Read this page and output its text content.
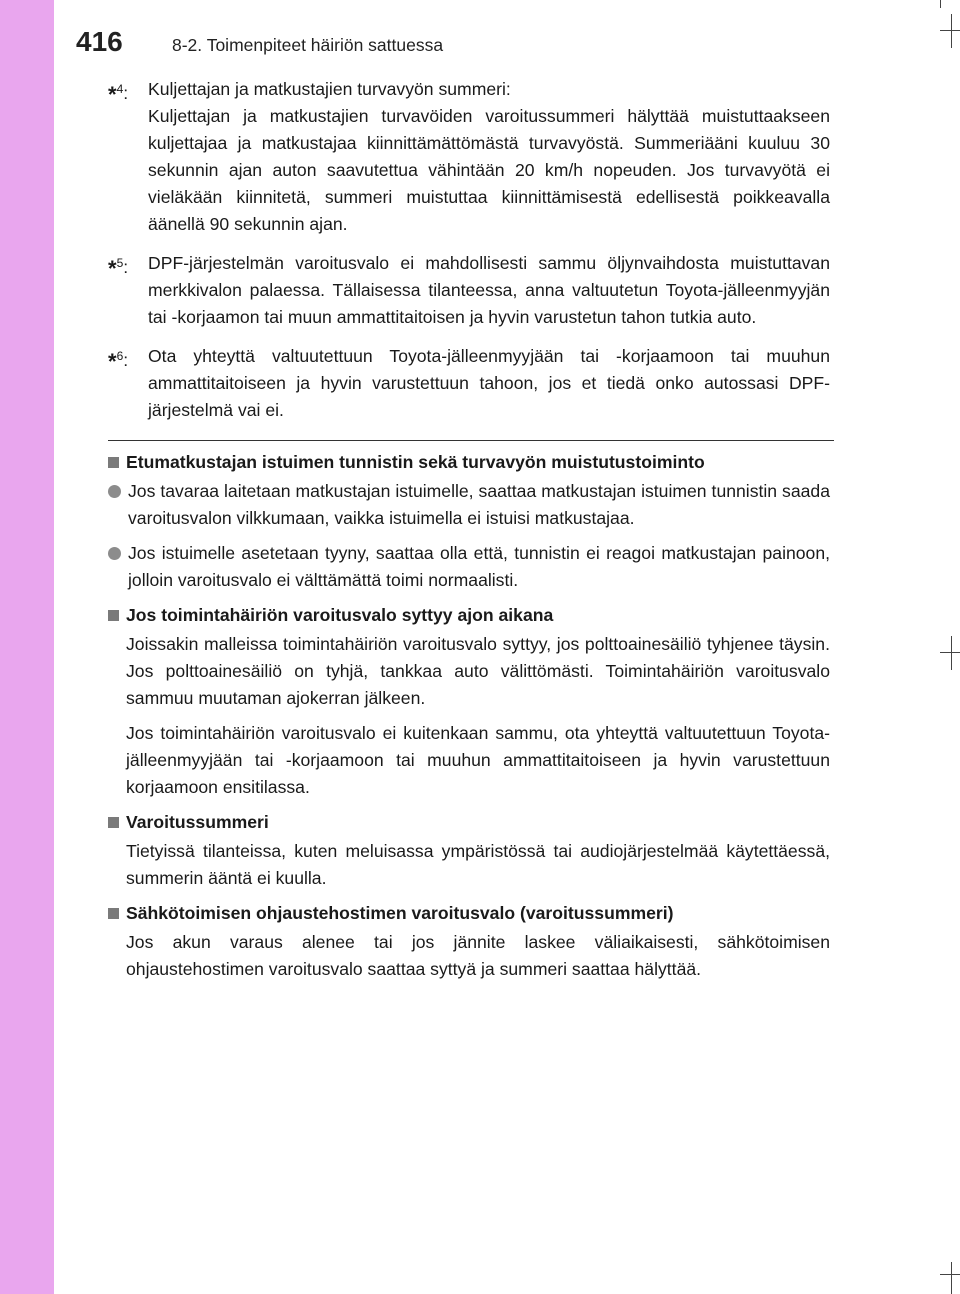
416	8-2. Toimenpiteet häiriön sattuessa
*$^4$: Kuljettajan ja matkustajien turvavyön summeri:

Kuljettajan ja matkustajien turvavöiden varoitussummeri hälyttää muistuttaakseen kuljettajaa ja matkustajaa kiinnittämättömästä turvavyöstä. Summeriääni kuuluu 30 sekunnin ajan auton saavutettua vähintään 20 km/h nopeuden. Jos turvavyötä ei vieläkään kiinnitetä, summeri muistuttaa kiinnittämisestä edellisestä poikkeavalla äänellä 90 sekunnin ajan.

*$^5$: DPF-järjestelmän varoitusvalo ei mahdollisesti sammu öljynvaihdosta muistuttavan merkkivalon palaessa. Tällaisessa tilanteessa, anna valtuutetun Toyota-jälleenmyyjän tai -korjaamon tai muun ammattitaitoisen ja hyvin varustetun tahon tutkia auto.

*$^6$: Ota yhteyttä valtuutettuun Toyota-jälleenmyyjään tai -korjaamoon tai muuhun ammattitaitoiseen ja hyvin varustettuun tahoon, jos et tiedä onko autossasi DPF-järjestelmä vai ei.

Etumatkustajan istuimen tunnistin sekä turvavyön muistutustoiminto
Jos tavaraa laitetaan matkustajan istuimelle, saattaa matkustajan istuimen tunnistin saada varoitusvalon vilkkumaan, vaikka istuimella ei istuisi matkustajaa.
Jos istuimelle asetetaan tyyny, saattaa olla että, tunnistin ei reagoi matkustajan painoon, jolloin varoitusvalo ei välttämättä toimi normaalisti.
Jos toimintahäiriön varoitusvalo syttyy ajon aikana
Joissakin malleissa toimintahäiriön varoitusvalo syttyy, jos polttoainesäiliö tyhjenee täysin. Jos polttoainesäiliö on tyhjä, tankkaa auto välittömästi. Toimintahäiriön varoitusvalo sammuu muutaman ajokerran jälkeen.
Jos toimintahäiriön varoitusvalo ei kuitenkaan sammu, ota yhteyttä valtuutettuun Toyota-jälleenmyyjään tai -korjaamoon tai muuhun ammattitaitoiseen ja hyvin varustettuun korjaamoon ensitilassa.
Varoitussummeri
Tietyissä tilanteissa, kuten meluisassa ympäristössä tai audiojärjestelmää käytettäessä, summerin ääntä ei kuulla.
Sähkötoimisen ohjaustehostimen varoitusvalo (varoitussummeri)
Jos akun varaus alenee tai jos jännite laskee väliaikaisesti, sähkötoimisen ohjaustehostimen varoitusvalo saattaa syttyä ja summeri saattaa hälyttää.
